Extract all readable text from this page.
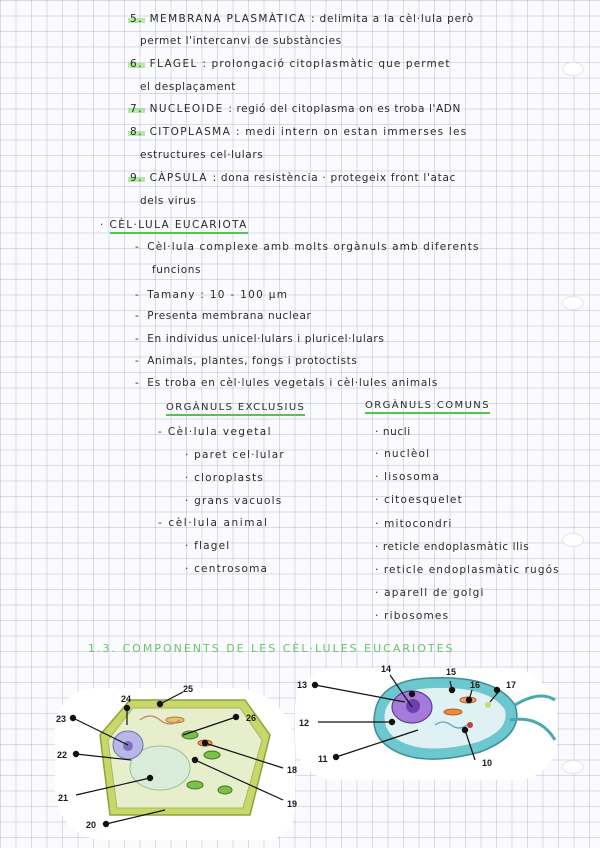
5. MEMBRANA PLASMÀTICA : delimita a la cèl·lula però
permet l'intercanvi de substàncies
6. FLAGEL : prolongació citoplasmàtic que permet
el desplaçament
7. NUCLEOIDE : regió del citoplasma on es troba l'ADN
8. CITOPLASMA : medi intern on estan immerses les
estructures cel·lulars
9. CÀPSULA : dona resistència · protegeix front l'atac
dels virus
· CÈL·LULA EUCARIOTA
-  Cèl·lula complexe amb molts orgànuls amb diferents
funcions
-  Tamany : 10 - 100 µm
-  Presenta membrana nuclear
-  En individus unicel·lulars i pluricel·lulars
-  Animals, plantes, fongs i protoctists
-  Es troba en cèl·lules vegetals i cèl·lules animals
ORGÀNULS EXCLUSIUS	ORGÀNULS COMUNS
- Cèl·lula vegetal
· paret cel·lular
· cloroplasts
· grans vacuols
- cèl·lula animal
· flagel
· centrosoma
· nucli
· nuclèol
· lisosoma
· citoesquelet
· mitocondri
· reticle endoplasmàtic llis
· reticle endoplasmàtic rugós
· aparell de golgi
· ribosomes
1.3. COMPONENTS DE LES CÈL·LULES EUCARIOTES
25
24
23	26
22
18
21
19
20
13
14	15
16	17
12
11	10
